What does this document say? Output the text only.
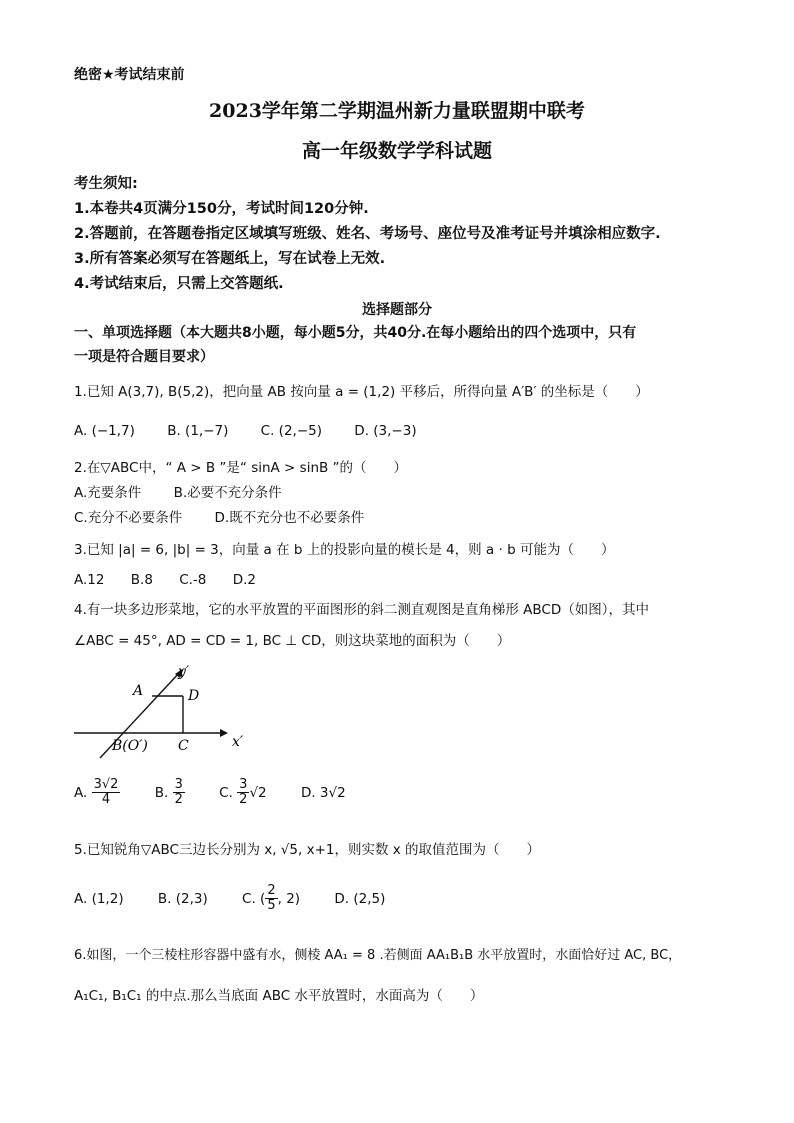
绝密★考试结束前
2023学年第二学期温州新力量联盟期中联考
高一年级数学学科试题
考生须知:
1.本卷共4页满分150分，考试时间120分钟.
2.答题前，在答题卷指定区域填写班级、姓名、考场号、座位号及准考证号并填涂相应数字.
3.所有答案必须写在答题纸上，写在试卷上无效.
4.考试结束后，只需上交答题纸.
选择题部分
一、单项选择题（本大题共8小题，每小题5分，共40分.在每小题给出的四个选项中，只有
一项是符合题目要求）
1.已知 A(3,7), B(5,2)，把向量 AB 按向量 a = (1,2) 平移后，所得向量 A′B′ 的坐标是（　　）
A. (−1,7) B. (1,−7) C. (2,−5) D. (3,−3)
2.在▽ABC中，“ A > B ”是“ sinA > sinB ”的（　　）
A.充要条件 B.必要不充分条件
C.充分不必要条件 D.既不充分也不必要条件
3.已知 |a| = 6, |b| = 3，向量 a 在 b 上的投影向量的模长是 4，则 a · b 可能为（　　）
A.12 B.8 C.-8 D.2
4.有一块多边形菜地，它的水平放置的平面图形的斜二测直观图是直角梯形 ABCD（如图），其中
∠ABC = 45°, AD = CD = 1, BC ⊥ CD，则这块菜地的面积为（　　）
y′
x′
A	D
B(O′) C
A. $\frac{3√2}{4}$	B. $\frac{3}{2}$	C. $\frac{3}{2} √2$	D. 3√2
5.已知锐角▽ABC三边长分别为 x, √5, x+1，则实数 x 的取值范围为（　　）
A. (1,2)	B. (2,3)	C. ( $\frac{2}{5}$ , 2)	D. (2,5)
6.如图，一个三棱柱形容器中盛有水，侧棱 AA₁ = 8 .若侧面 AA₁B₁B 水平放置时，水面恰好过 AC, BC，
A₁C₁, B₁C₁ 的中点.那么当底面 ABC 水平放置时，水面高为（　　）
